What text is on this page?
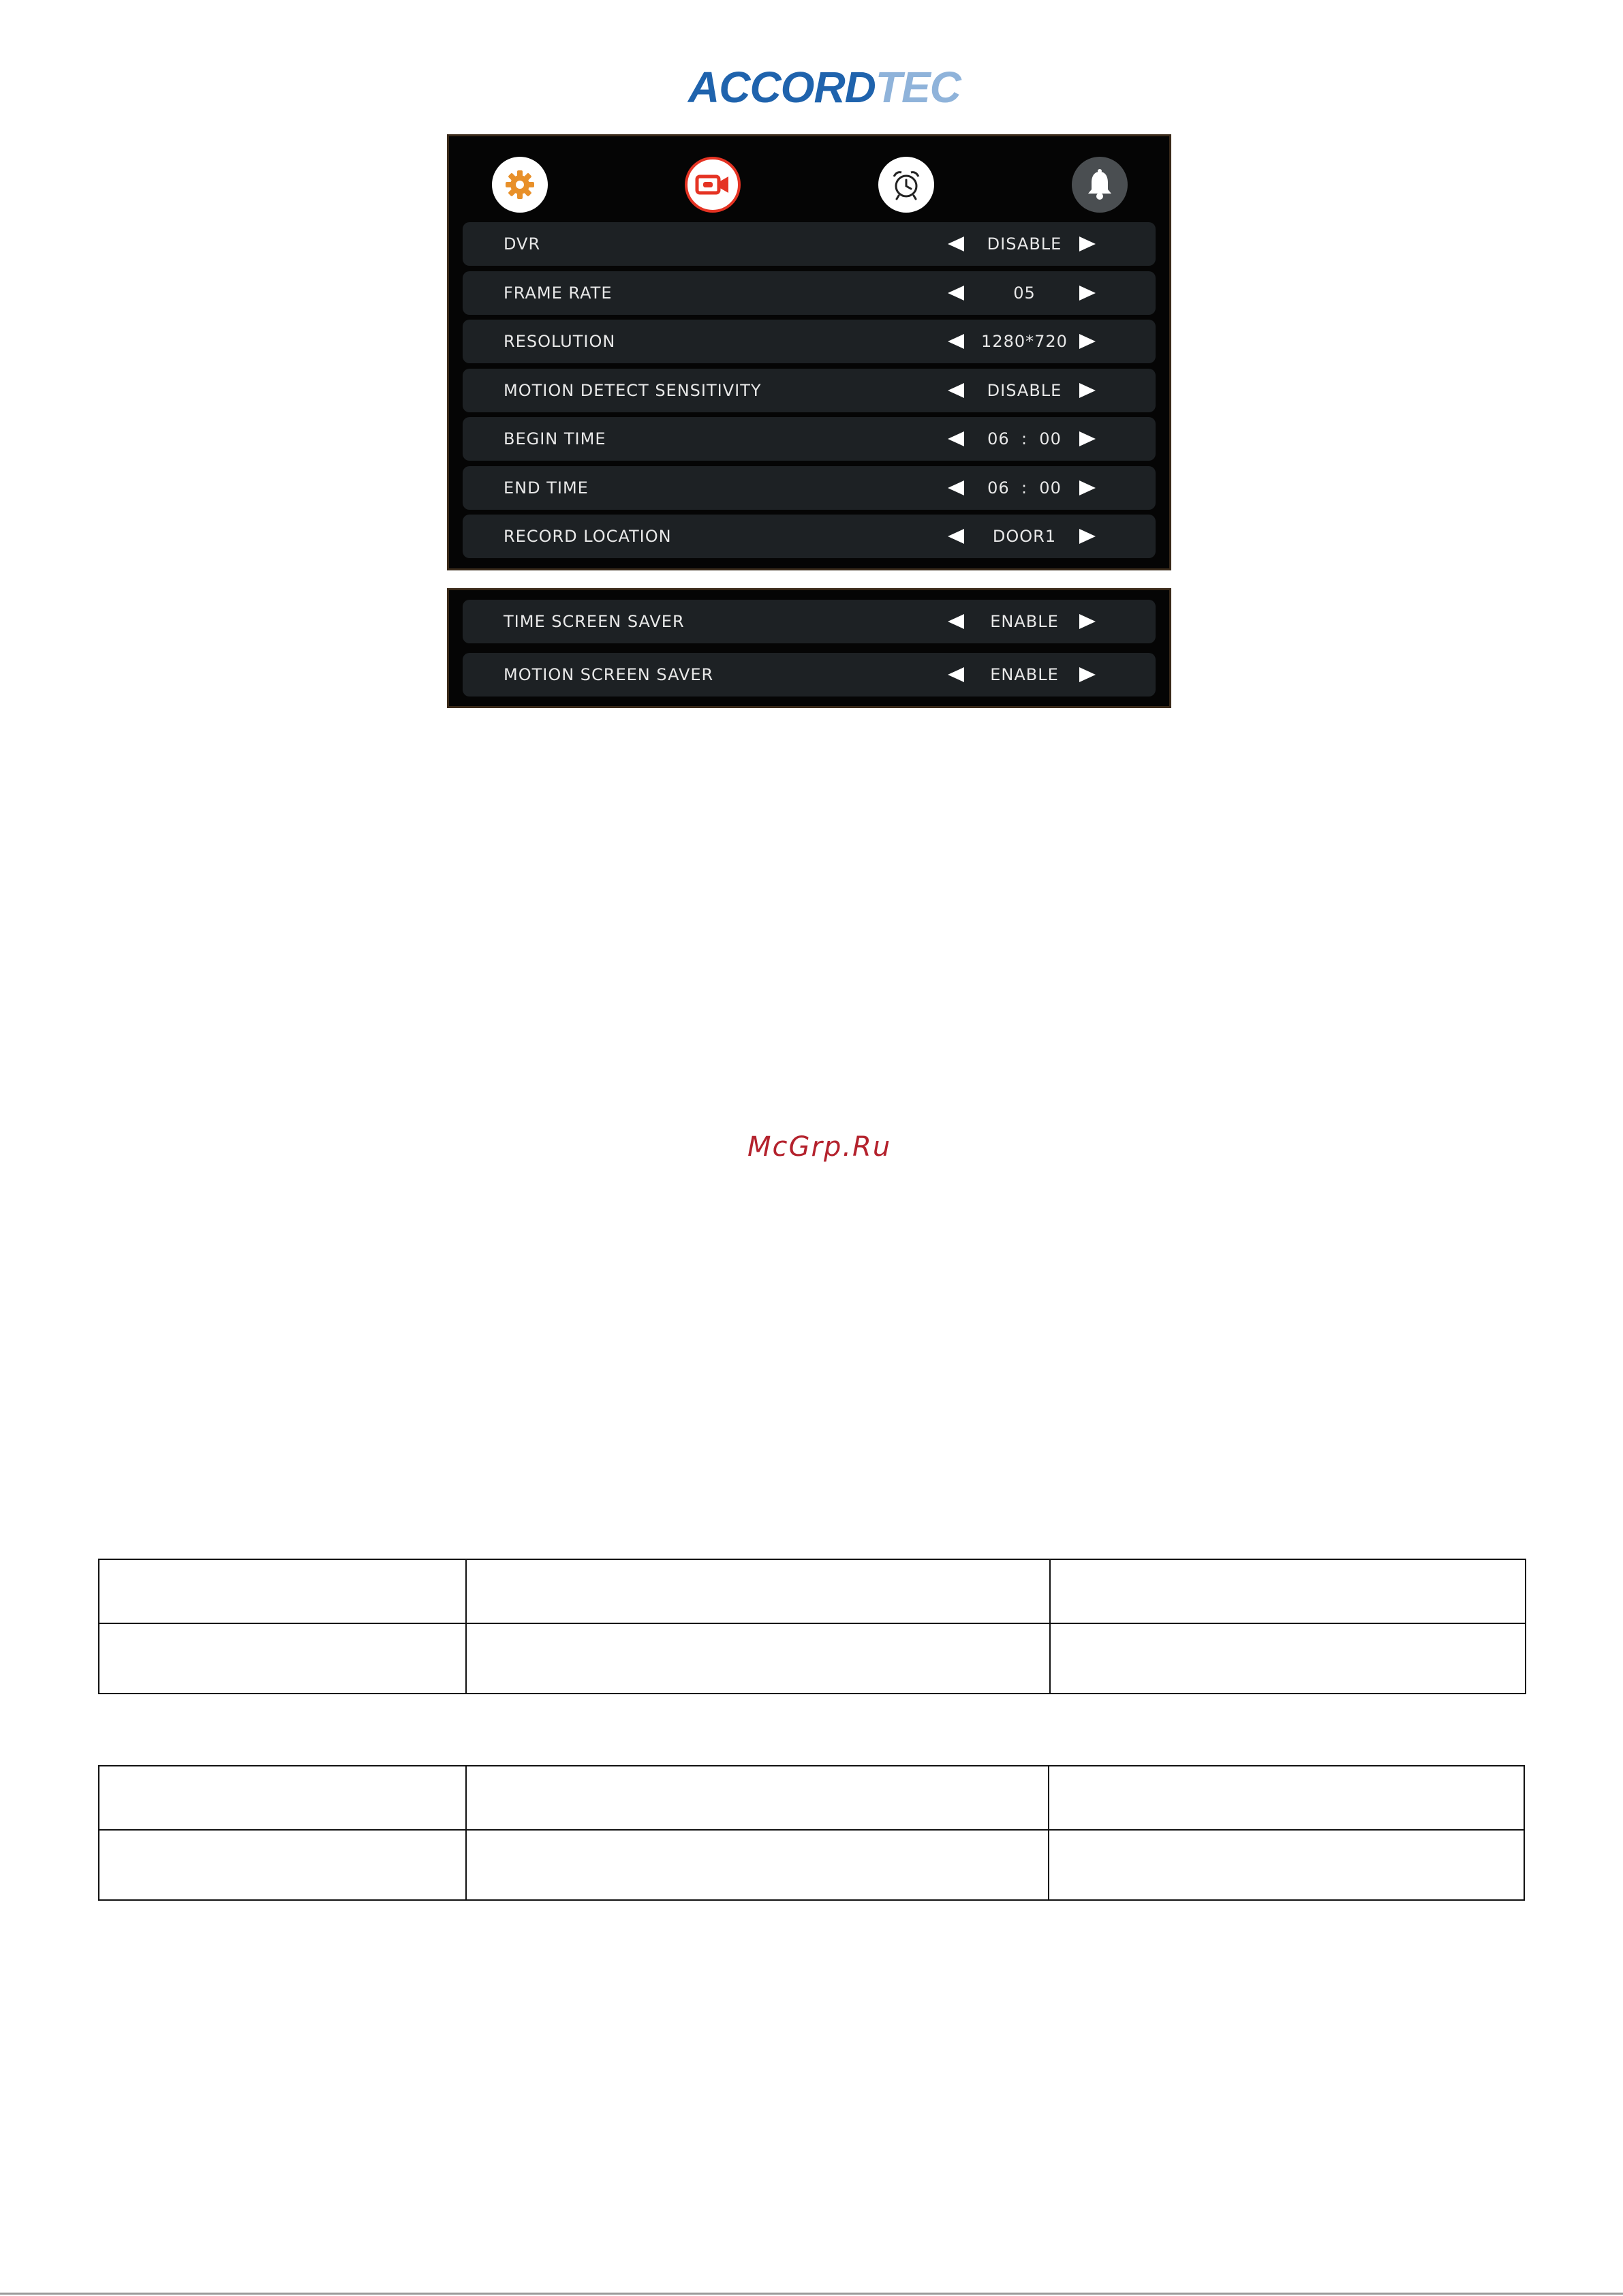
ACCORDTEC
DVR	DISABLE
FRAME RATE	05
RESOLUTION	1280*720
MOTION DETECT SENSITIVITY	DISABLE
BEGIN TIME	06  :  00
END TIME	06  :  00
RECORD LOCATION	DOOR1
TIME SCREEN SAVER	ENABLE
MOTION SCREEN SAVER	ENABLE
McGrp.Ru
